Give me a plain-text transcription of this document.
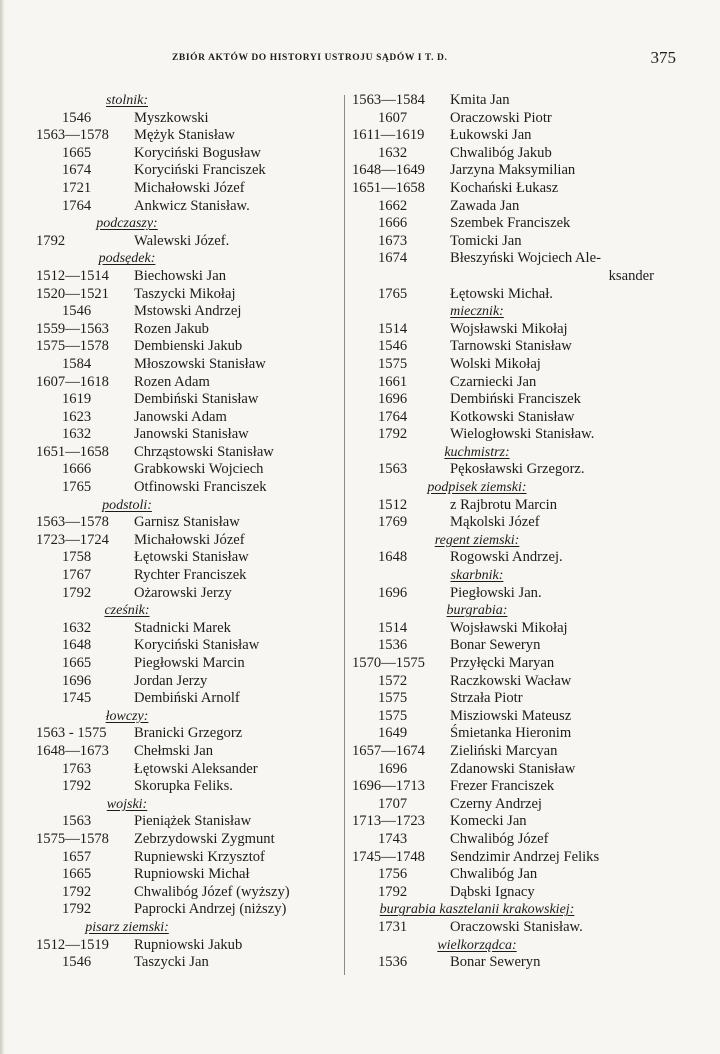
ZBIÓR AKTÓW DO HISTORYI USTROJU SĄDÓW I T. D.	375
stolnik:
1546	Myszkowski
1563—1578 Mężyk Stanisław
1665	Koryciński Bogusław
1674	Koryciński Franciszek
1721	Michałowski Józef
1764	Ankwicz Stanisław.
podczaszy:
1792	Walewski Józef.
podsędek:
1512—1514 Biechowski Jan
1520—1521 Taszycki Mikołaj
1546	Mstowski Andrzej
1559—1563 Rozen Jakub
1575—1578 Dembienski Jakub
1584	Młoszowski Stanisław
1607—1618 Rozen Adam
1619	Dembiński Stanisław
1623	Janowski Adam
1632	Janowski Stanisław
1651—1658 Chrząstowski Stanisław
1666	Grabkowski Wojciech
1765	Otfinowski Franciszek
podstoli:
1563—1578 Garnisz Stanisław
1723—1724 Michałowski Józef
1758	Łętowski Stanisław
1767	Rychter Franciszek
1792	Ożarowski Jerzy
cześnik:
1632	Stadnicki Marek
1648	Koryciński Stanisław
1665	Piegłowski Marcin
1696	Jordan Jerzy
1745	Dembiński Arnolf
łowczy:
1563 - 1575 Branicki Grzegorz
1648—1673 Chełmski Jan
1763	Łętowski Aleksander
1792	Skorupka Feliks.
wojski:
1563	Pieniążek Stanisław
1575—1578 Zebrzydowski Zygmunt
1657	Rupniewski Krzysztof
1665	Rupniowski Michał
1792	Chwalibóg Józef (wyższy)
1792	Paprocki Andrzej (niższy)
pisarz ziemski:
1512—1519 Rupniowski Jakub
1546	Taszycki Jan
1563—1584 Kmita Jan
1607	Oraczowski Piotr
1611—1619 Łukowski Jan
1632	Chwalibóg Jakub
1648—1649 Jarzyna Maksymilian
1651—1658 Kochański Łukasz
1662	Zawada Jan
1666	Szembek Franciszek
1673	Tomicki Jan
1674	Błeszyński Wojciech Ale-
ksander
1765	Łętowski Michał.
miecznik:
1514	Wojsławski Mikołaj
1546	Tarnowski Stanisław
1575	Wolski Mikołaj
1661	Czarniecki Jan
1696	Dembiński Franciszek
1764	Kotkowski Stanisław
1792	Wielogłowski Stanisław.
kuchmistrz:
1563	Pękosławski Grzegorz.
podpisek ziemski:
1512	z Rajbrotu Marcin
1769	Mąkolski Józef
regent ziemski:
1648	Rogowski Andrzej.
skarbnik:
1696	Piegłowski Jan.
burgrabia:
1514	Wojsławski Mikołaj
1536	Bonar Seweryn
1570—1575 Przyłęcki Maryan
1572	Raczkowski Wacław
1575	Strzała Piotr
1575	Misziowski Mateusz
1649	Śmietanka Hieronim
1657—1674 Zieliński Marcyan
1696	Zdanowski Stanisław
1696—1713 Frezer Franciszek
1707	Czerny Andrzej
1713—1723 Komecki Jan
1743	Chwalibóg Józef
1745—1748 Sendzimir Andrzej Feliks
1756	Chwalibóg Jan
1792	Dąbski Ignacy
burgrabia kasztelanii krakowskiej:
1731	Oraczowski Stanisław.
wielkorządca:
1536	Bonar Seweryn
